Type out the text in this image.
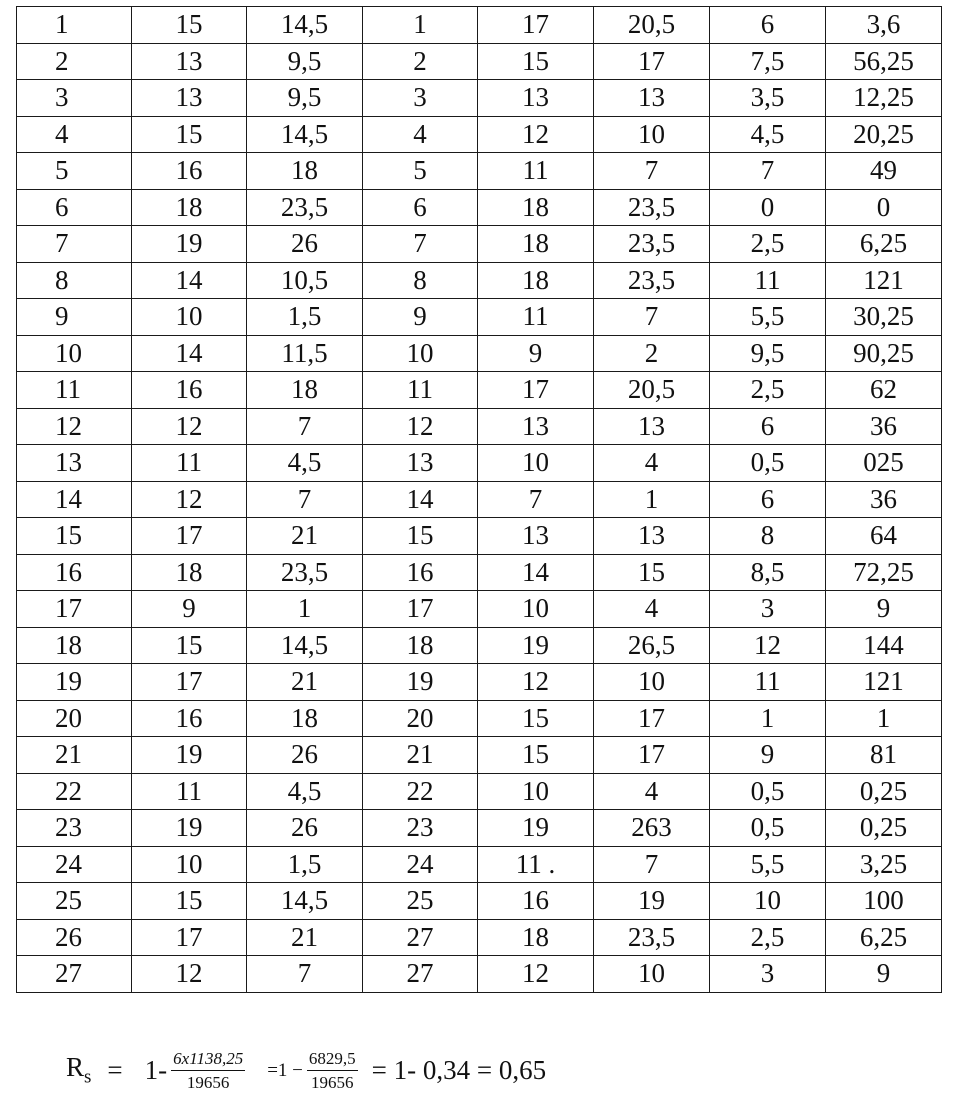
1	15	14,5	1	17	20,5	6	3,6
2	13	9,5	2	15	17	7,5	56,25
3	13	9,5	3	13	13	3,5	12,25
4	15	14,5	4	12	10	4,5	20,25
5	16	18	5	11	7	7	49
6	18	23,5	6	18	23,5	0	0
7	19	26	7	18	23,5	2,5	6,25
8	14	10,5	8	18	23,5	11	121
9	10	1,5	9	11	7	5,5	30,25
10	14	11,5	10	9	2	9,5	90,25
11	16	18	11	17	20,5	2,5	62
12	12	7	12	13	13	6	36
13	11	4,5	13	10	4	0,5	025
14	12	7	14	7	1	6	36
15	17	21	15	13	13	8	64
16	18	23,5	16	14	15	8,5	72,25
17	9	1	17	10	4	3	9
18	15	14,5	18	19	26,5	12	144
19	17	21	19	12	10	11	121
20	16	18	20	15	17	1	1
21	19	26	21	15	17	9	81
22	11	4,5	22	10	4	0,5	0,25
23	19	26	23	19	263	0,5	0,25
24	10	1,5	24	11 .	7	5,5	3,25
25	15	14,5	25	16	19	10	100
26	17	21	27	18	23,5	2,5	6,25
27	12	7	27	12	10	3	9
$R_s = 1- \frac{6x1138,25}{19656} = 1 - \frac{6829,5}{19656} = 1-$ 0,34 = 0,65
